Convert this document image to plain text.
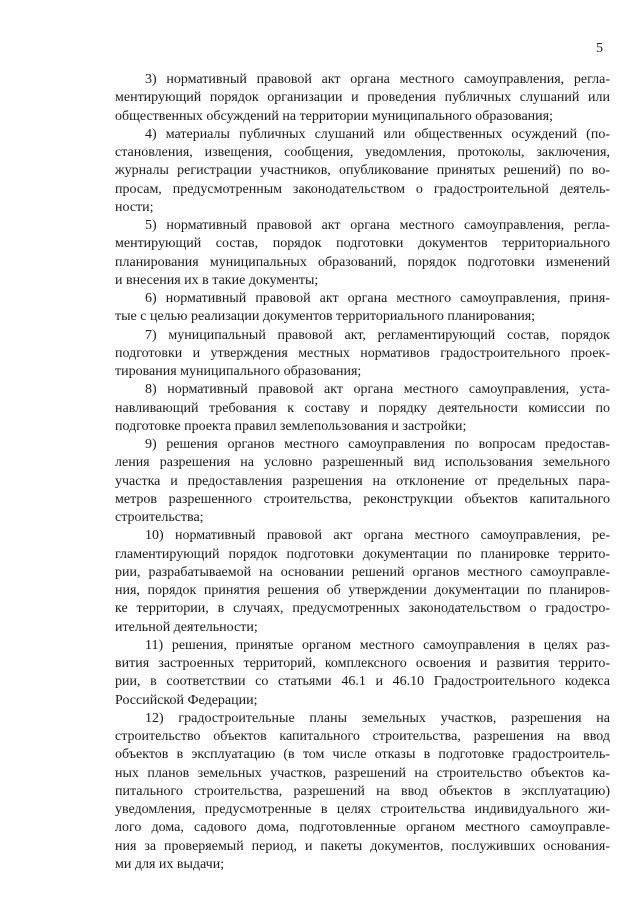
5
3) нормативный правовой акт органа местного самоуправления, регла-
ментирующий порядок организации и проведения публичных слушаний или
общественных обсуждений на территории муниципального образования;
4) материалы публичных слушаний или общественных осуждений (по-
становления, извещения, сообщения, уведомления, протоколы, заключения,
журналы регистрации участников, опубликование принятых решений) по во-
просам, предусмотренным законодательством о градостроительной деятель-
ности;
5) нормативный правовой акт органа местного самоуправления, регла-
ментирующий состав, порядок подготовки документов территориального
планирования муниципальных образований, порядок подготовки изменений
и внесения их в такие документы;
6) нормативный правовой акт органа местного самоуправления, приня-
тые с целью реализации документов территориального планирования;
7) муниципальный правовой акт, регламентирующий состав, порядок
подготовки и утверждения местных нормативов градостроительного проек-
тирования муниципального образования;
8) нормативный правовой акт органа местного самоуправления, уста-
навливающий требования к составу и порядку деятельности комиссии по
подготовке проекта правил землепользования и застройки;
9) решения органов местного самоуправления по вопросам предостав-
ления разрешения на условно разрешенный вид использования земельного
участка и предоставления разрешения на отклонение от предельных пара-
метров разрешенного строительства, реконструкции объектов капитального
строительства;
10) нормативный правовой акт органа местного самоуправления, ре-
гламентирующий порядок подготовки документации по планировке террито-
рии, разрабатываемой на основании решений органов местного самоуправле-
ния, порядок принятия решения об утверждении документации по планиров-
ке территории, в случаях, предусмотренных законодательством о градостро-
ительной деятельности;
11) решения, принятые органом местного самоуправления в целях раз-
вития застроенных территорий, комплексного освоения и развития террито-
рии, в соответствии со статьями 46.1 и 46.10 Градостроительного кодекса
Российской Федерации;
12) градостроительные планы земельных участков, разрешения на
строительство объектов капитального строительства, разрешения на ввод
объектов в эксплуатацию (в том числе отказы в подготовке градостроитель-
ных планов земельных участков, разрешений на строительство объектов ка-
питального строительства, разрешений на ввод объектов в эксплуатацию)
уведомления, предусмотренные в целях строительства индивидуального жи-
лого дома, садового дома, подготовленные органом местного самоуправле-
ния за проверяемый период, и пакеты документов, послуживших основания-
ми для их выдачи;
